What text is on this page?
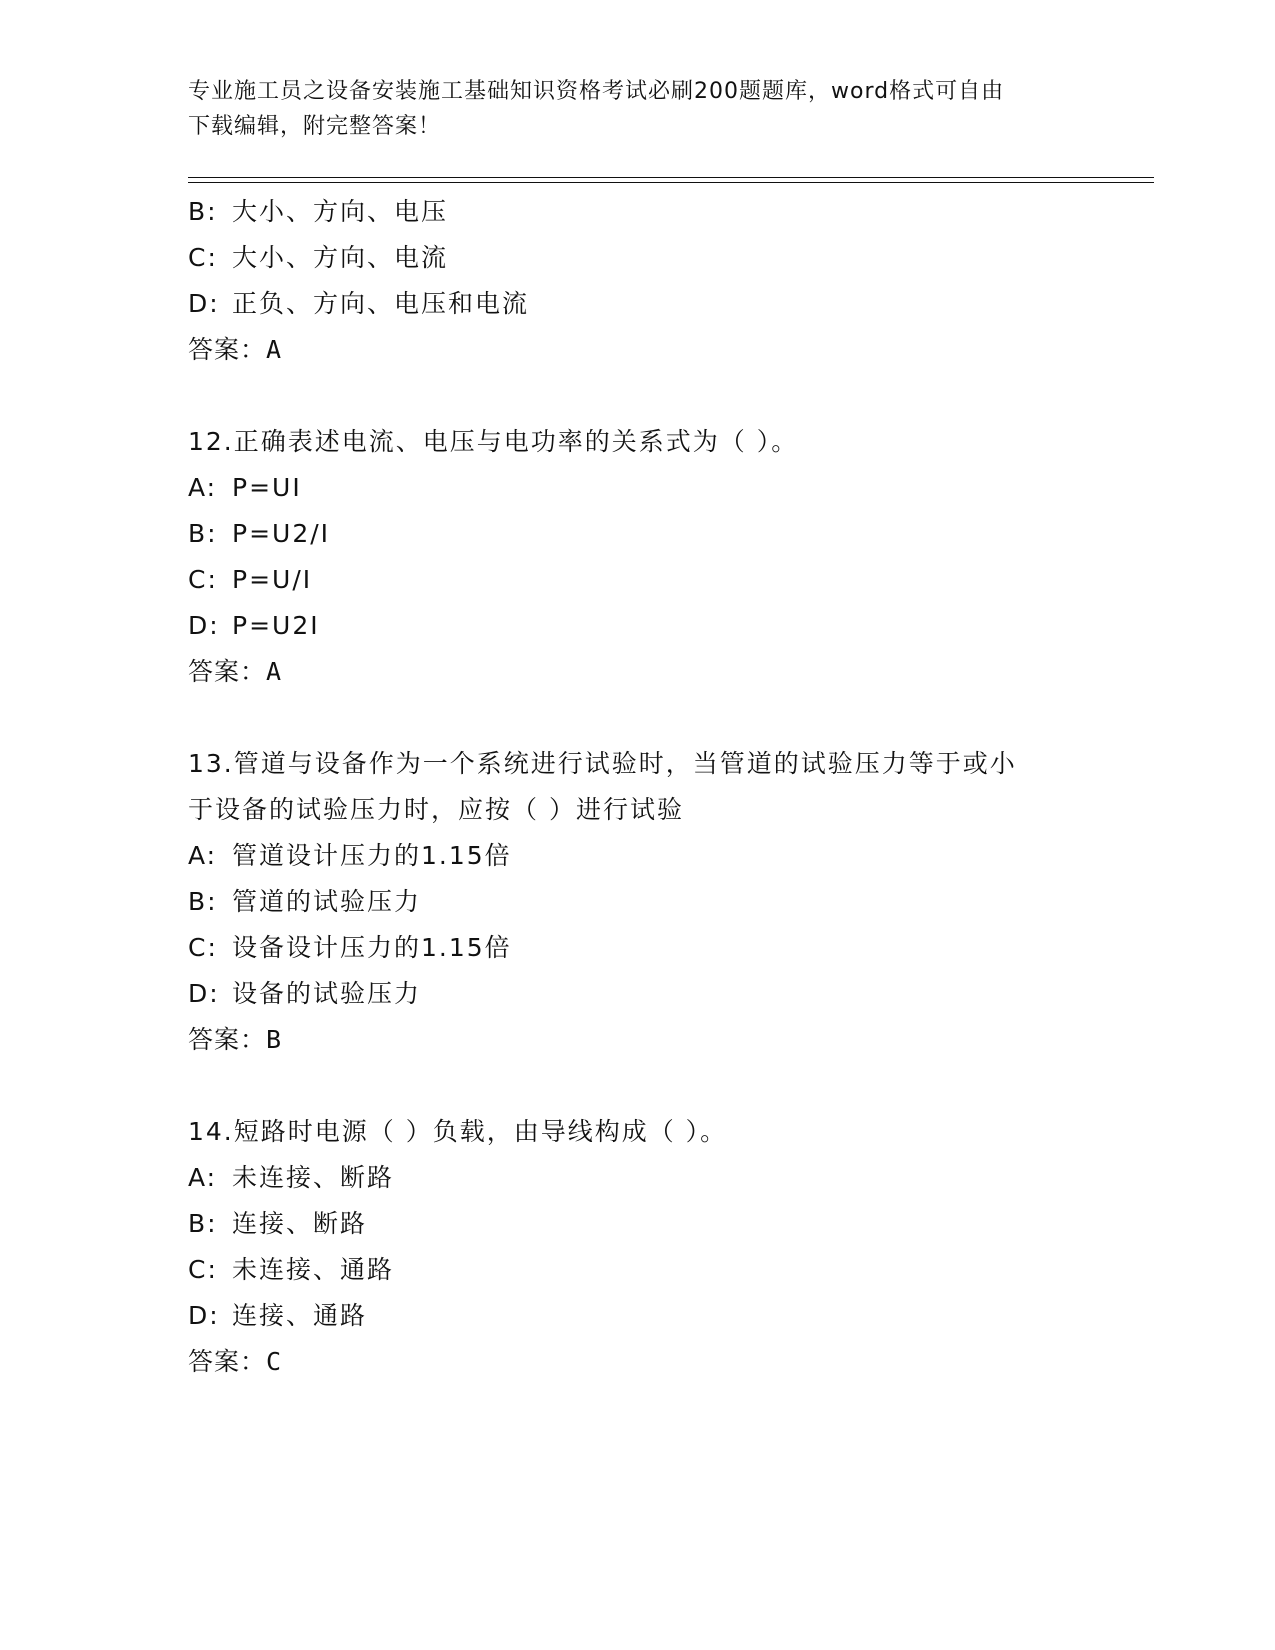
专业施工员之设备安装施工基础知识资格考试必刷200题题库，word格式可自由
下载编辑，附完整答案！
B: 大小、方向、电压
C: 大小、方向、电流
D: 正负、方向、电压和电流
答案：A
12.正确表述电流、电压与电功率的关系式为（ ）。
A: P=UI
B: P=U2/I
C: P=U/I
D: P=U2I
答案：A
13.管道与设备作为一个系统进行试验时，当管道的试验压力等于或小
于设备的试验压力时，应按（ ）进行试验
A: 管道设计压力的1.15倍
B: 管道的试验压力
C: 设备设计压力的1.15倍
D: 设备的试验压力
答案：B
14.短路时电源（ ）负载，由导线构成（ ）。
A: 未连接、断路
B: 连接、断路
C: 未连接、通路
D: 连接、通路
答案：C
